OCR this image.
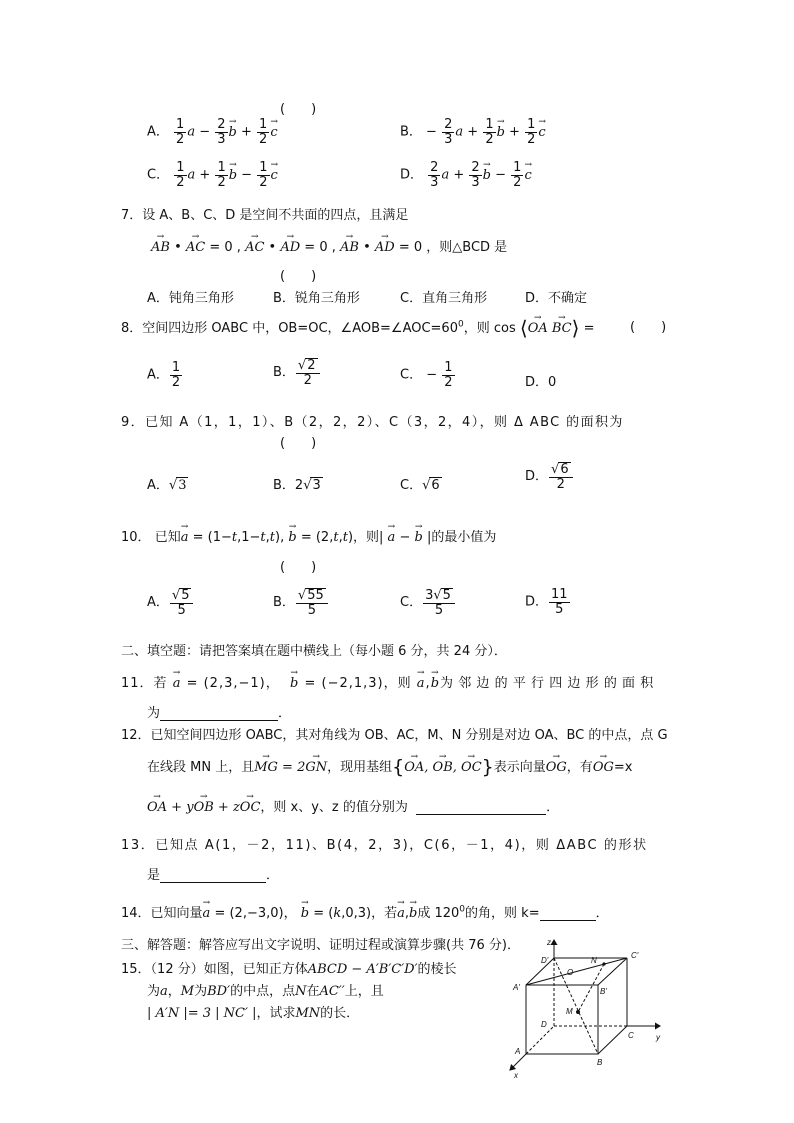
(　　)
A． $\frac{1}{2}$ $a - \frac{2}{3}$
→ $b + \frac{1}{2}$
→ c	B． − $\frac{2}{3}$ $a + \frac{1}{2}$
→ $b + \frac{1}{2}$
→ c
C． $\frac{1}{2}$ $a + \frac{1}{2}$
→ $b - \frac{1}{2}$
→ c	D． $\frac{2}{3}$ $a + \frac{2}{3}$
→ $b - \frac{1}{2}$
→ c
7．设 A、B、C、D 是空间不共面的四点，且满足
→ AB • → AC = 0 , → AC • → AD = 0 , → AB • → AD = 0 ，则△BCD 是
(　　)
A．钝角三角形	B．锐角三角形	C．直角三角形	D．不确定
8．空间四边形 OABC 中，OB=OC，$\angle AOB=\angle AOC=60^0$，则 cos ⟨→ OA → BC⟩ =	(　　)
A． $\frac{1}{2}$	B． $\frac{√2}{2}$	C． − $\frac{1}{2}$	D．0
9．已知 A（1，1，1）、B（2，2，2）、C（3，2，4），则 Δ ABC 的面积为
(　　)
A．√3	B．2√3	C．√6
D． $\frac{√6}{2}$
10． 已知→ a = (1−t,1−t,t), → b = (2,t,t)，则| → a − → b |的最小值为
(　　)
A． $\frac{√5}{5}$	B． $\frac{√55}{5}$	C． $\frac{3√5}{5}$	D． $\frac{11}{5}$
二、填空题：请把答案填在题中横线上（每小题 6 分，共 24 分）．
11．若 → a = (2,3,−1)，  → b = (−2,1,3)，则 → a,→ b为邻边的平行四边形的面积
为	．
12．已知空间四边形 OABC，其对角线为 OB、AC，M、N 分别是对边 OA、BC 的中点，点 G
在线段 MN 上，且→ MG = 2→ GN，现用基组{→ OA, → OB, → OC}表示向量→ OG，有→ OG=x
→ OA + y→ OB + z→ OC，则 x、y、z 的值分别为	．
13．已知点 A(1，－2，11)、B(4，2，3)，C(6，－1，4)，则 ΔABC 的形状
是	．
14．已知向量→ a = (2,−3,0)， → b = (k,0,3)，若→ a,→ b成 $120^0$的角，则 k=	．
三、解答题：解答应写出文字说明、证明过程或演算步骤(共 76 分)．
15．（12 分）如图，已知正方体ABCD − A′B′C′D′的棱长
为a，M为BD′的中点，点N在AC′′上，且
| A′N |= 3 | NC′ |，试求MN的长．
z
D'
O
N
C'
A'	B'
M
D
C	y
A
B
x
